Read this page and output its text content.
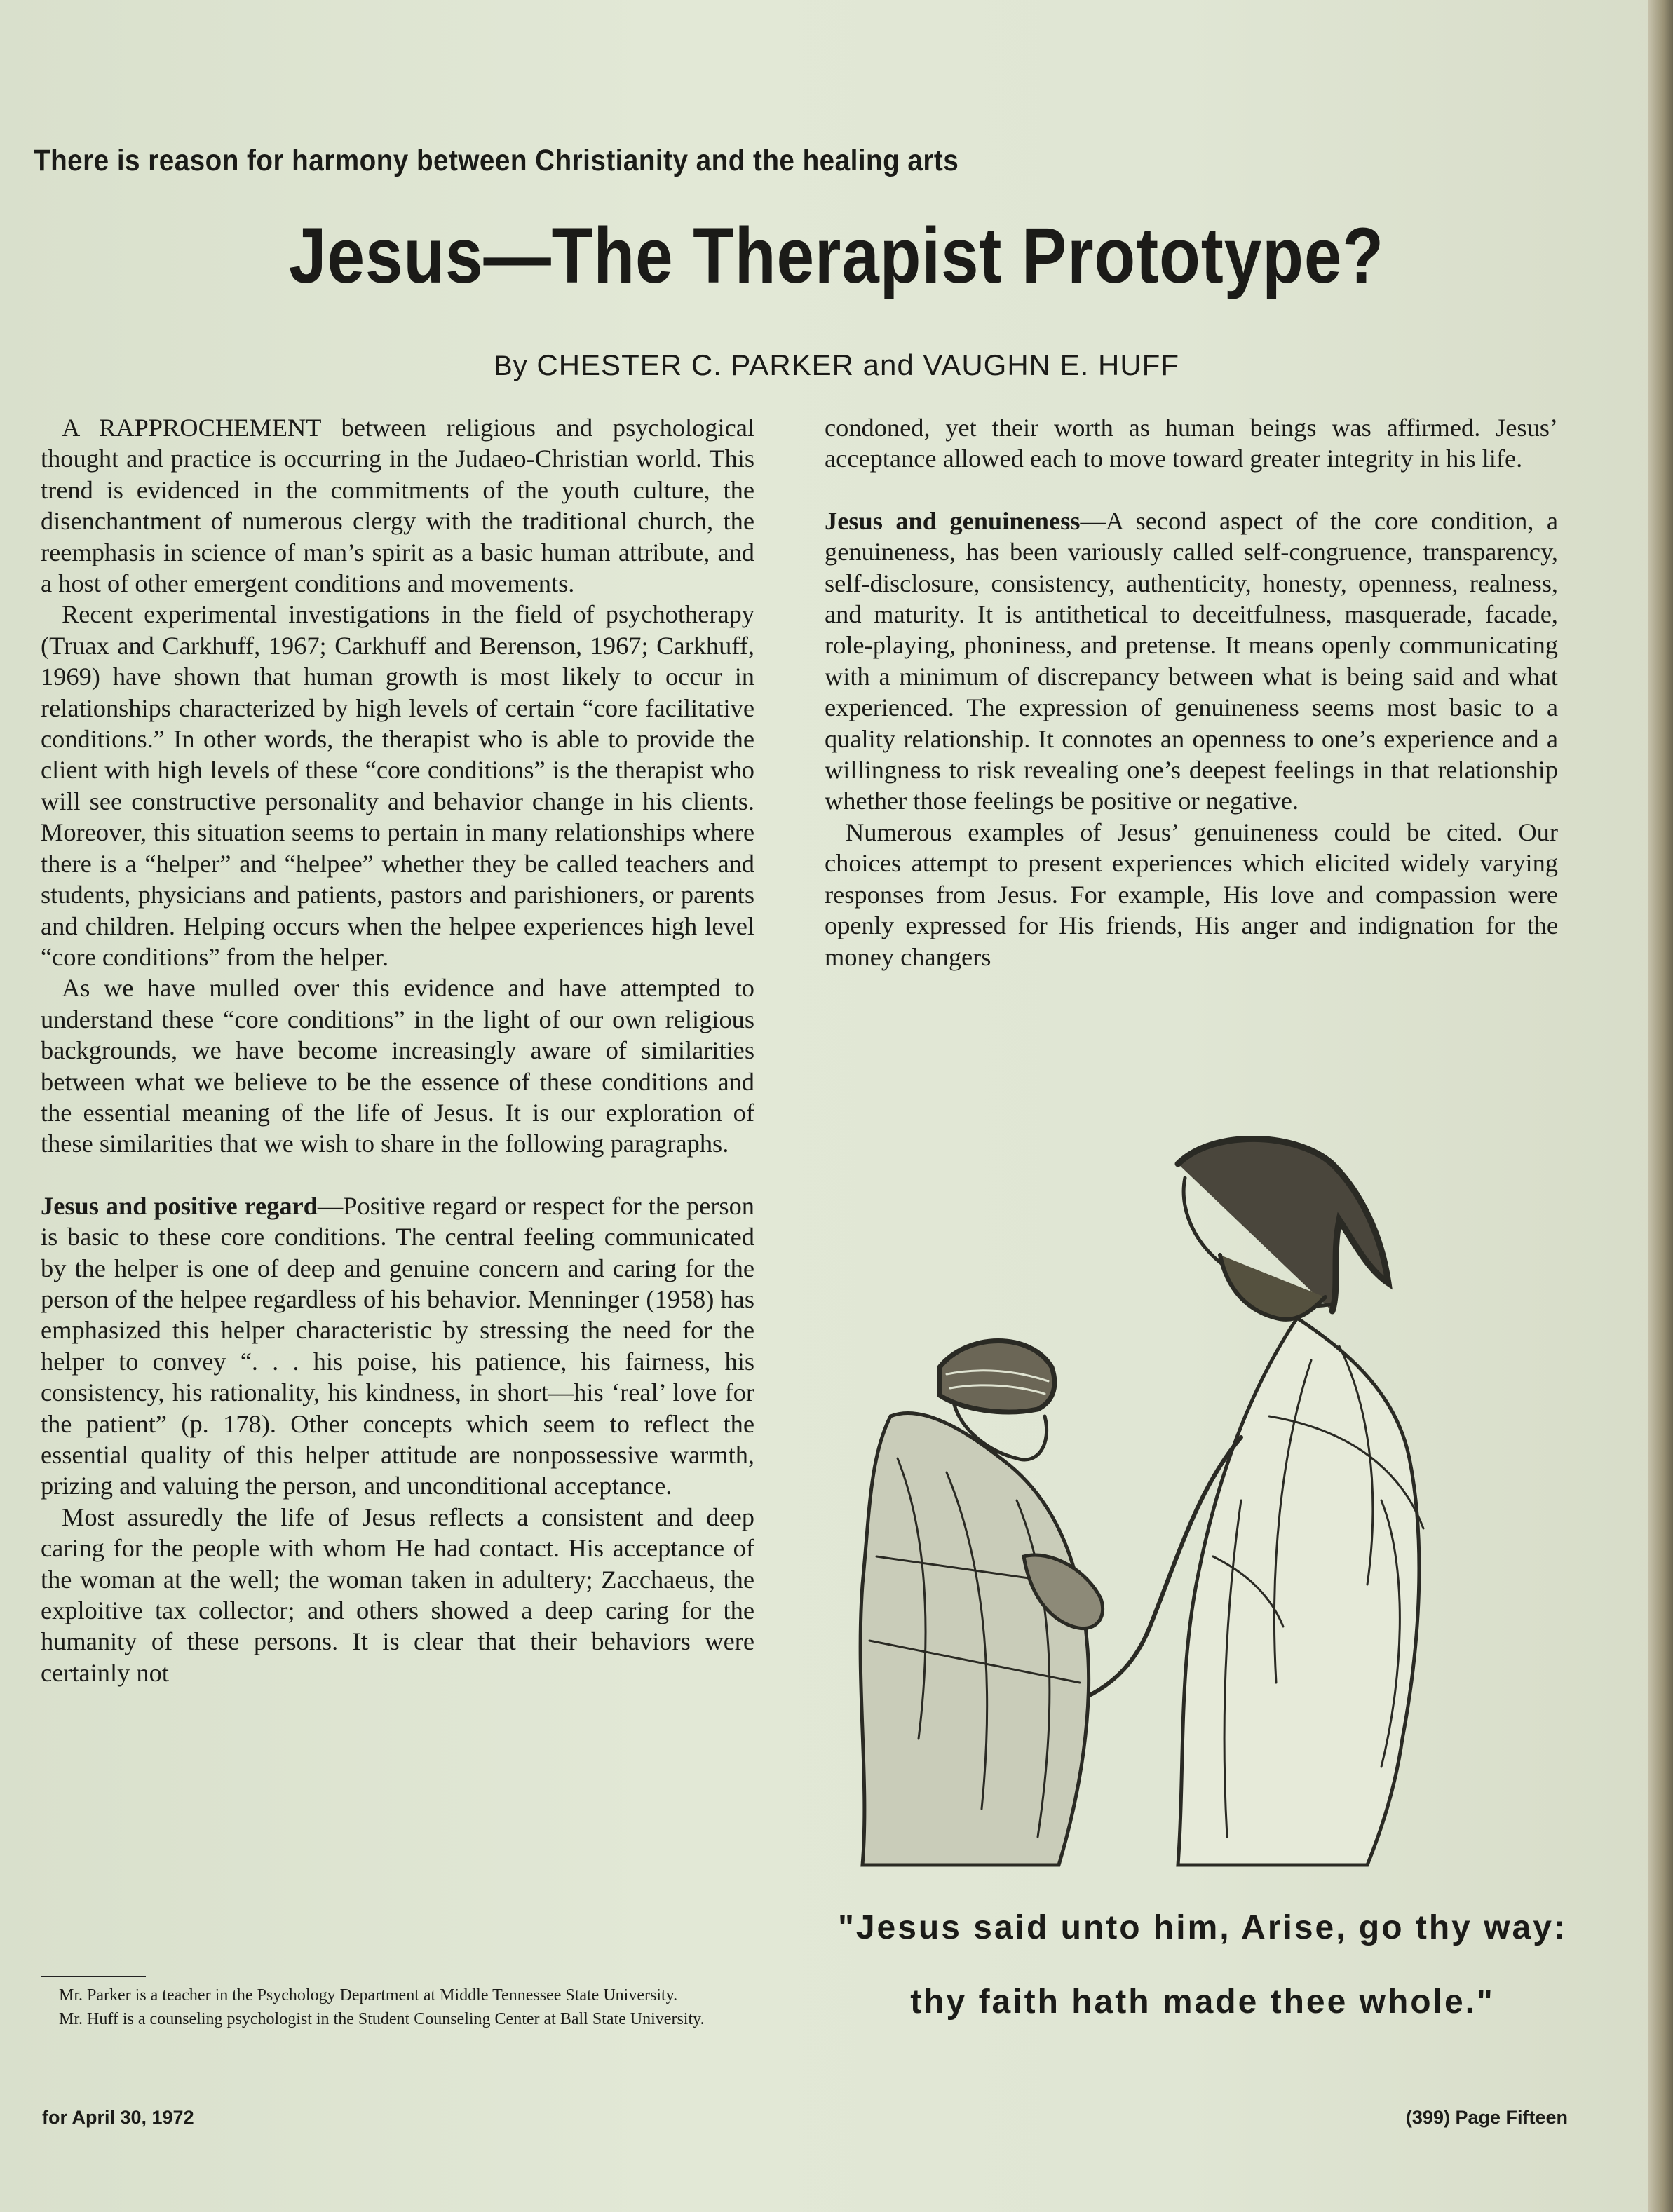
There is reason for harmony between Christianity and the healing arts
Jesus—The Therapist Prototype?
By CHESTER C. PARKER and VAUGHN E. HUFF

A RAPPROCHEMENT between religious and psychological thought and practice is occurring in the Judaeo-Christian world. This trend is evidenced in the commitments of the youth culture, the disenchantment of numerous clergy with the traditional church, the reemphasis in science of man’s spirit as a basic human attribute, and a host of other emergent conditions and movements.

Recent experimental investigations in the field of psychotherapy (Truax and Carkhuff, 1967; Carkhuff and Berenson, 1967; Carkhuff, 1969) have shown that human growth is most likely to occur in relationships characterized by high levels of certain “core facilitative conditions.” In other words, the therapist who is able to provide the client with high levels of these “core conditions” is the therapist who will see constructive personality and behavior change in his clients. Moreover, this situation seems to pertain in many relationships where there is a “helper” and “helpee” whether they be called teachers and students, physicians and patients, pastors and parishioners, or parents and children. Helping occurs when the helpee experiences high level “core conditions” from the helper.

As we have mulled over this evidence and have attempted to understand these “core conditions” in the light of our own religious backgrounds, we have become increasingly aware of similarities between what we believe to be the essence of these conditions and the essential meaning of the life of Jesus. It is our exploration of these similarities that we wish to share in the following paragraphs.

Jesus and positive regard—Positive regard or respect for the person is basic to these core conditions. The central feeling communicated by the helper is one of deep and genuine concern and caring for the person of the helpee regardless of his behavior. Menninger (1958) has emphasized this helper characteristic by stressing the need for the helper to convey “. . . his poise, his patience, his fairness, his consistency, his rationality, his kindness, in short—his ‘real’ love for the patient” (p. 178). Other concepts which seem to reflect the essential quality of this helper attitude are nonpossessive warmth, prizing and valuing the person, and unconditional acceptance.

Most assuredly the life of Jesus reflects a consistent and deep caring for the people with whom He had contact. His acceptance of the woman at the well; the woman taken in adultery; Zacchaeus, the exploitive tax collector; and others showed a deep caring for the humanity of these persons. It is clear that their behaviors were certainly not

condoned, yet their worth as human beings was affirmed. Jesus’ acceptance allowed each to move toward greater integrity in his life.

Jesus and genuineness—A second aspect of the core condition, a genuineness, has been variously called self-congruence, transparency, self-disclosure, consistency, authenticity, honesty, openness, realness, and maturity. It is antithetical to deceitfulness, masquerade, facade, role-playing, phoniness, and pretense. It means openly communicating with a minimum of discrepancy between what is being said and what experienced. The expression of genuineness seems most basic to a quality relationship. It connotes an openness to one’s experience and a willingness to risk revealing one’s deepest feelings in that relationship whether those feelings be positive or negative.

Numerous examples of Jesus’ genuineness could be cited. Our choices attempt to present experiences which elicited widely varying responses from Jesus. For example, His love and compassion were openly expressed for His friends, His anger and indignation for the money changers

"Jesus said unto him, Arise, go thy way:
thy faith hath made thee whole."

Mr. Parker is a teacher in the Psychology Department at Middle Tennessee State University.

Mr. Huff is a counseling psychologist in the Student Counseling Center at Ball State University.

for April 30, 1972	(399) Page Fifteen
